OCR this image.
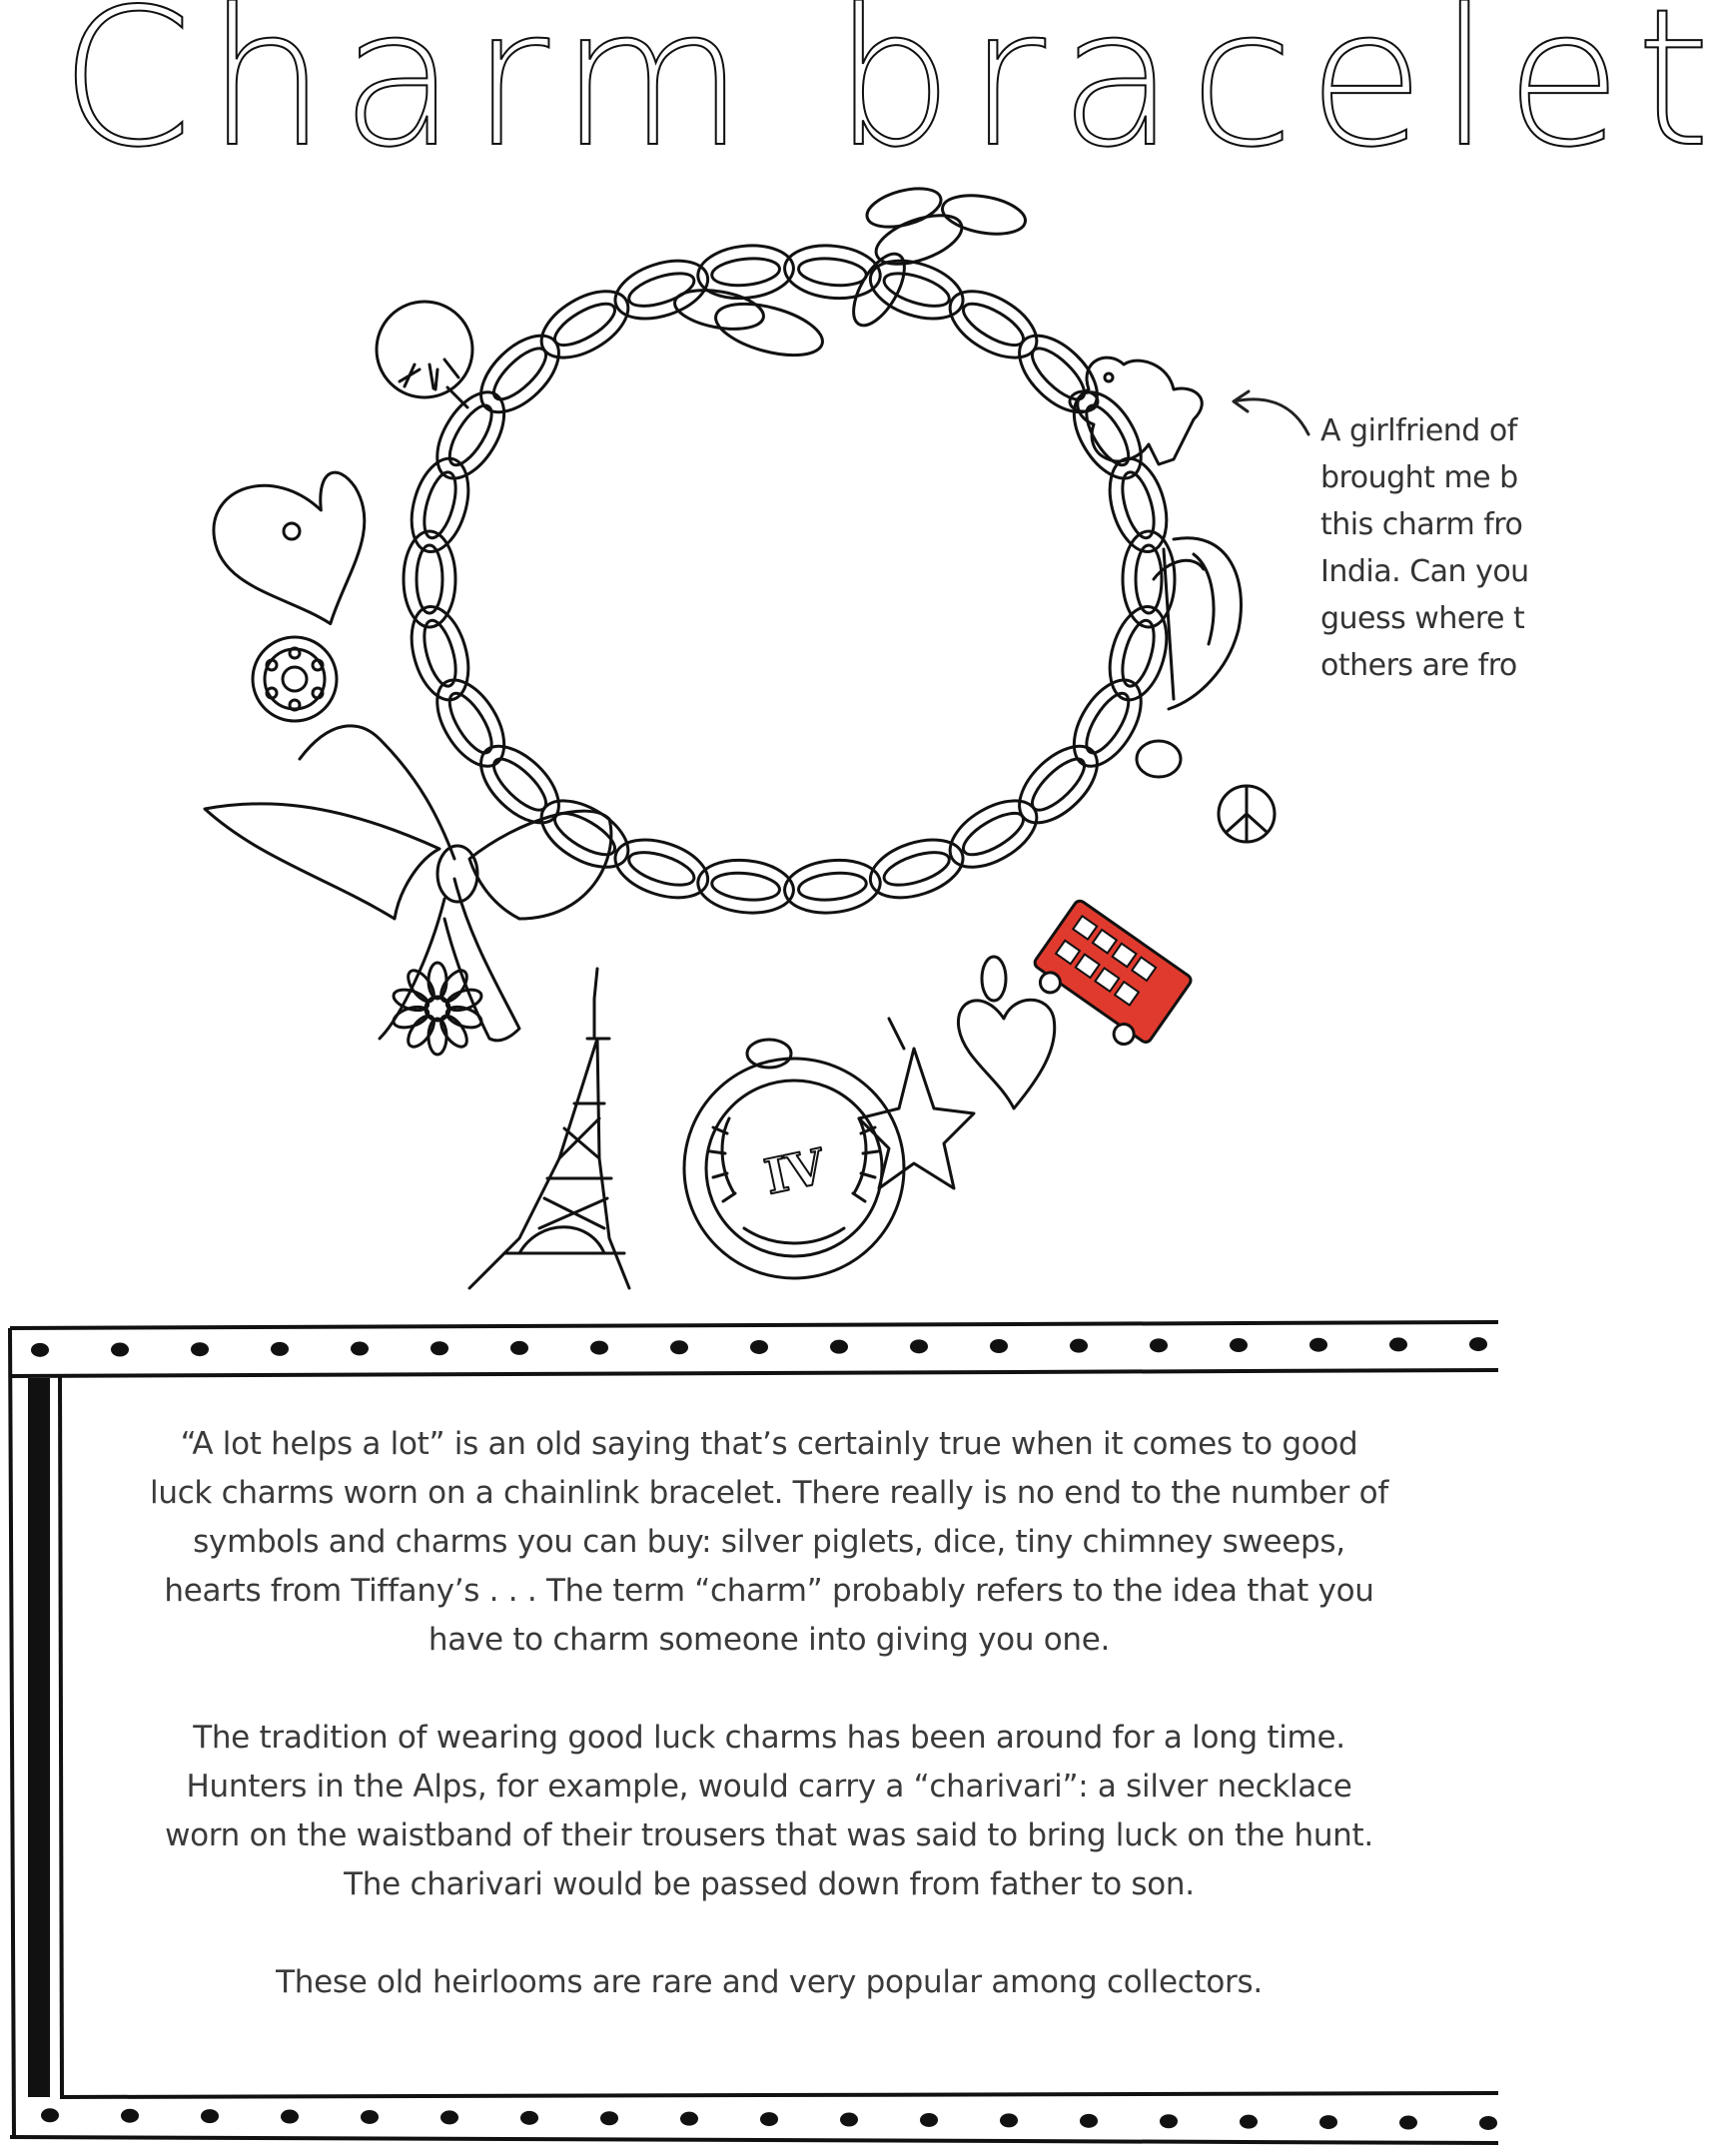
Charm bracelet
IV
A girlfriend of
brought me b
this charm fro
India. Can you
guess where t
others are fro

“A lot helps a lot” is an old saying that’s certainly true when it comes to good luck charms worn on a chainlink bracelet. There really is no end to the number of symbols and charms you can buy: silver piglets, dice, tiny chimney sweeps, hearts from Tiffany’s . . . The term “charm” probably refers to the idea that you have to charm someone into giving you one.

The tradition of wearing good luck charms has been around for a long time. Hunters in the Alps, for example, would carry a “charivari”: a silver necklace worn on the waistband of their trousers that was said to bring luck on the hunt. The charivari would be passed down from father to son.

These old heirlooms are rare and very popular among collectors.
